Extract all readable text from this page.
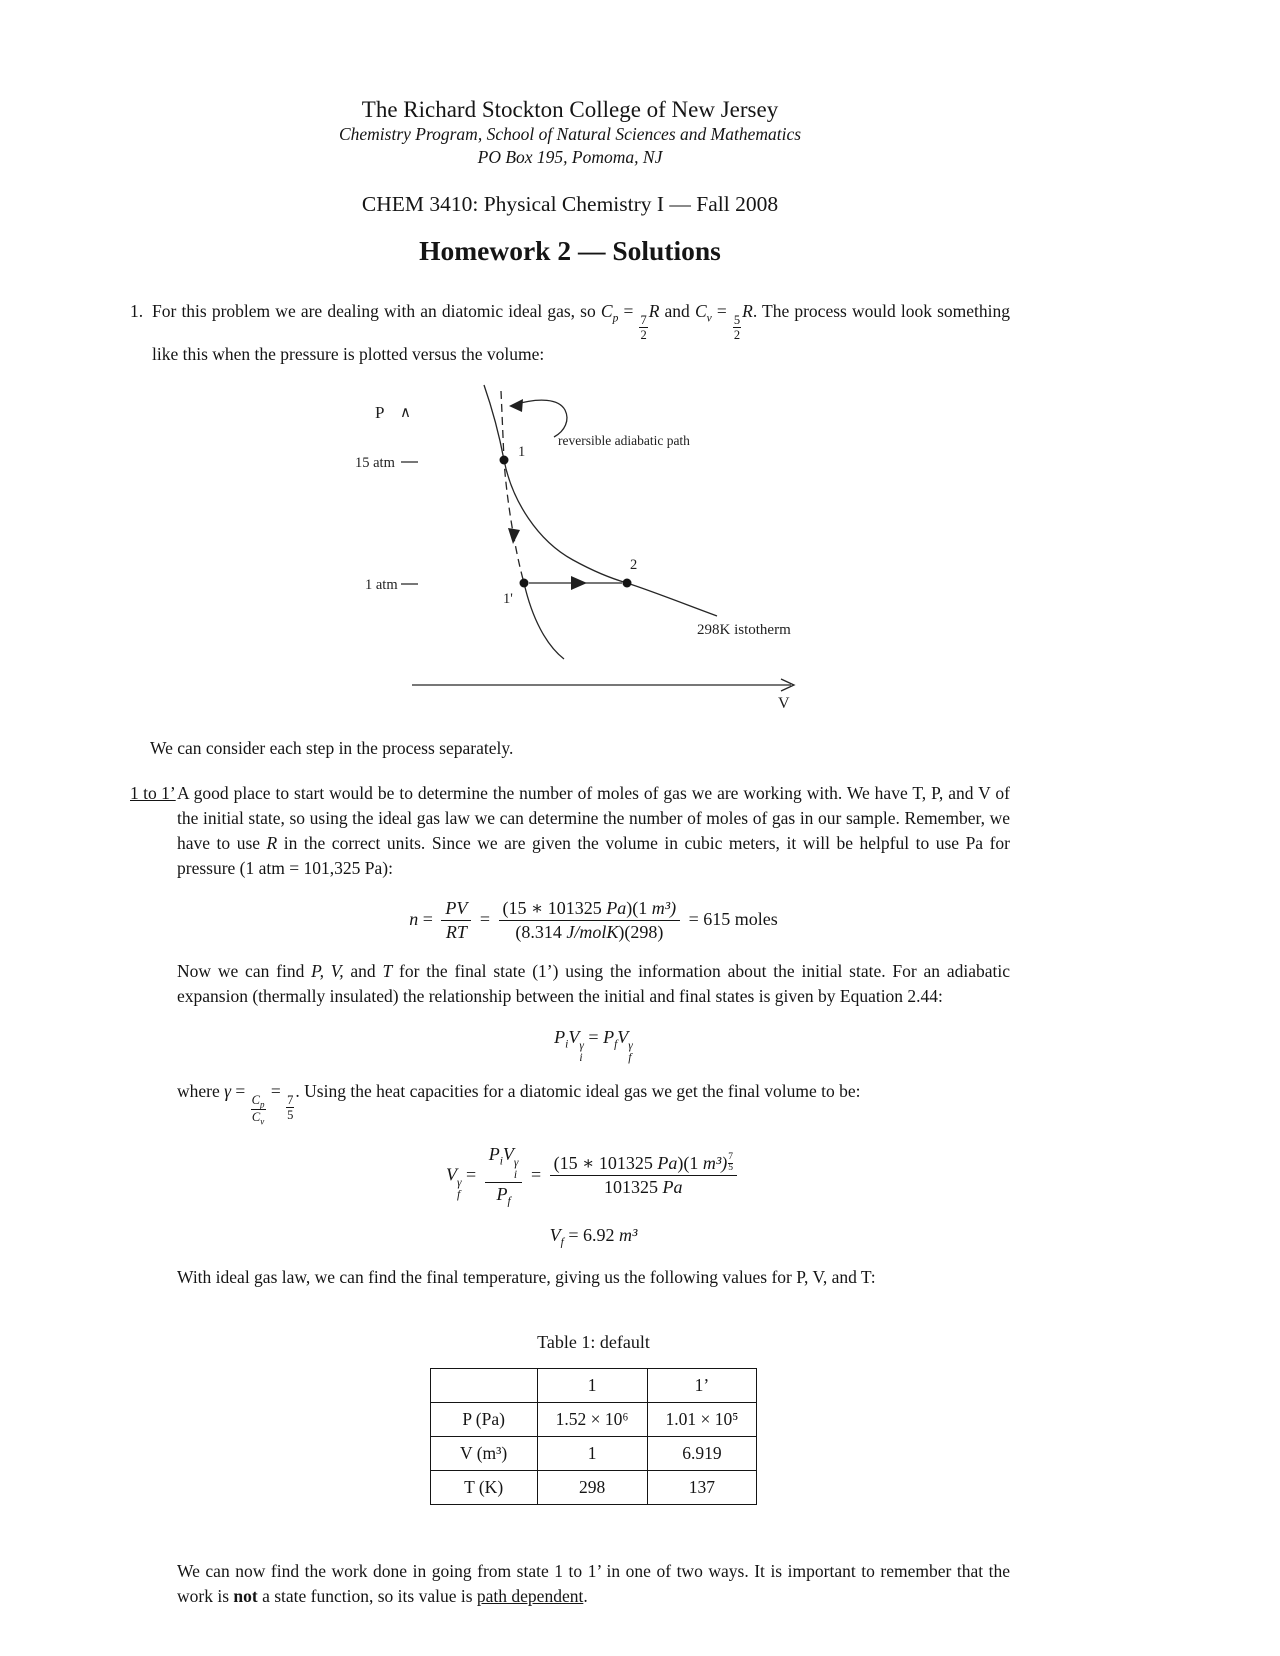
The Richard Stockton College of New Jersey
Chemistry Program, School of Natural Sciences and Mathematics
PO Box 195, Pomoma, NJ
CHEM 3410: Physical Chemistry I — Fall 2008
Homework 2 — Solutions
1. For this problem we are dealing with an diatomic ideal gas, so $C_p$ =
$\frac{7}{2}$
R and $C_v$ =
$\frac{5}{2}$
R. The process would look something like this when the pressure is plotted versus the volume:
P ∧
15 atm
1 atm
1
1'
2
reversible adiabatic path
298K istotherm
V
We can consider each step in the process separately.
1 to 1’ A good place to start would be to determine the number of moles of gas we are working with. We have T, P, and V of the initial state, so using the ideal gas law we can determine the number of moles of gas in our sample. Remember, we have to use R in the correct units. Since we are given the volume in cubic meters, it will be helpful to use Pa for pressure (1 atm = 101,325 Pa):
$n = \frac{PV}{RT}$ =
(15 ∗ 101325 Pa)(1 m³)
(8.314 J/molK)(298)
= 615 moles
Now we can find P, V, and T for the final state (1’) using the information about the initial state. For an adiabatic expansion (thermally insulated) the relationship between the initial and final states is given by Equation 2.44:
$P_iV$ γ
i
= $P_fV$ γ
f
where γ =
$\frac{C_p}{C_v}$
=
$\frac{7}{5}$
. Using the heat capacities for a diatomic ideal gas we get the final volume to be:
V γ
f
=
$P_iV$ γ
i
$P_f$
= $\frac{(15 ∗ 101325 Pa)(1 m^3) \frac{7}{5}}{101325 Pa}$
$V_f = 6.92$ m³
With ideal gas law, we can find the final temperature, giving us the following values for P, V, and T:
Table 1: default
	1	1’
P (Pa)	1.52 × 10⁶	1.01 × 10⁵
V (m³)	1	6.919
T (K)	298	137
We can now find the work done in going from state 1 to 1’ in one of two ways. It is important to remember that the work is not a state function, so its value is path dependent.
